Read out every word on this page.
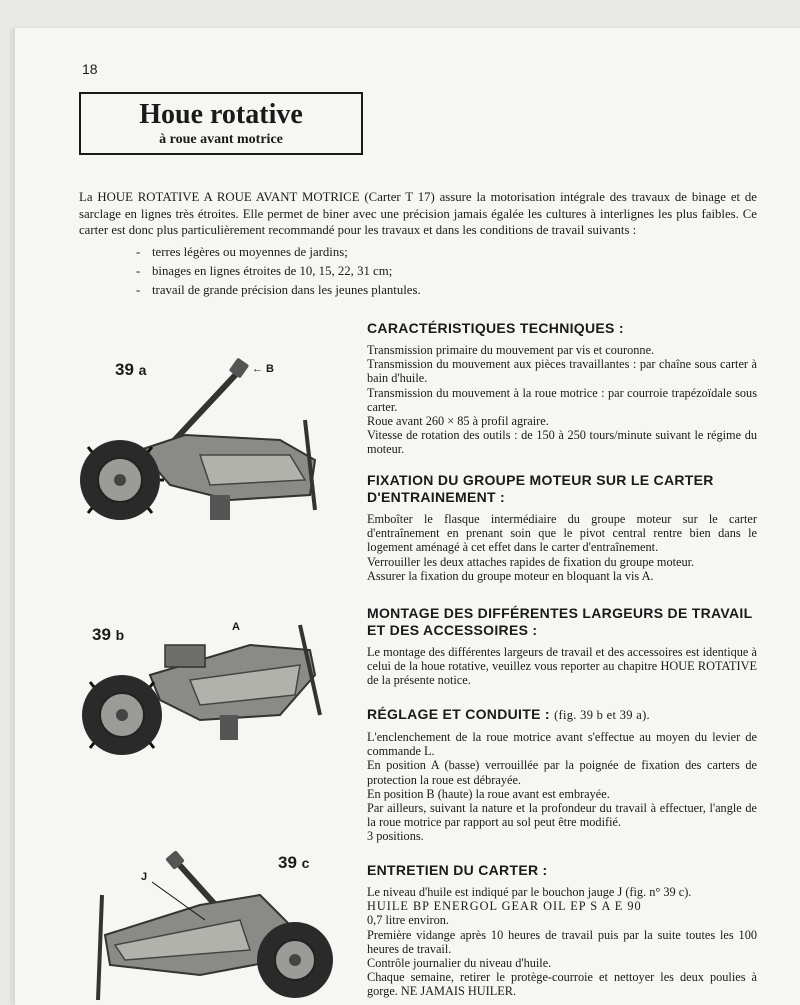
18
Houe rotative
à roue avant motrice
La HOUE ROTATIVE A ROUE AVANT MOTRICE (Carter T 17) assure la motorisation intégrale des travaux de binage et de sarclage en lignes très étroites. Elle permet de biner avec une précision jamais égalée les cultures à interlignes les plus faibles. Ce carter est donc plus particulièrement recommandé pour les travaux et dans les conditions de travail suivants :
- terres légères ou moyennes de jardins;
- binages en lignes étroites de 10, 15, 22, 31 cm;
- travail de grande précision dans les jeunes plantules.
39 a	← B
39 b	A
39 c
J
CARACTÉRISTIQUES TECHNIQUES :

Transmission primaire du mouvement par vis et couronne.

Transmission du mouvement aux pièces travaillantes : par chaîne sous carter à bain d'huile.

Transmission du mouvement à la roue motrice : par courroie trapézoïdale sous carter.

Roue avant 260 × 85 à profil agraire.

Vitesse de rotation des outils : de 150 à 250 tours/minute suivant le régime du moteur.

FIXATION DU GROUPE MOTEUR SUR LE CARTER D'ENTRAINEMENT :

Emboîter le flasque intermédiaire du groupe moteur sur le carter d'entraînement en prenant soin que le pivot central rentre bien dans le logement aménagé à cet effet dans le carter d'entraînement.

Verrouiller les deux attaches rapides de fixation du groupe moteur.

Assurer la fixation du groupe moteur en bloquant la vis A.

MONTAGE DES DIFFÉRENTES LARGEURS DE TRAVAIL ET DES ACCESSOIRES :

Le montage des différentes largeurs de travail et des accessoires est identique à celui de la houe rotative, veuillez vous reporter au chapitre HOUE ROTATIVE de la présente notice.

RÉGLAGE ET CONDUITE : (fig. 39 b et 39 a).

L'enclenchement de la roue motrice avant s'effectue au moyen du levier de commande L.

En position A (basse) verrouillée par la poignée de fixation des carters de protection la roue est débrayée.

En position B (haute) la roue avant est embrayée.

Par ailleurs, suivant la nature et la profondeur du travail à effectuer, l'angle de la roue motrice par rapport au sol peut être modifié.

3 positions.

ENTRETIEN DU CARTER :

Le niveau d'huile est indiqué par le bouchon jauge J (fig. n° 39 c).

HUILE BP ENERGOL GEAR OIL EP S A E 90

0,7 litre environ.

Première vidange après 10 heures de travail puis par la suite toutes les 100 heures de travail.

Contrôle journalier du niveau d'huile.

Chaque semaine, retirer le protège-courroie et nettoyer les deux poulies à gorge. NE JAMAIS HUILER.
